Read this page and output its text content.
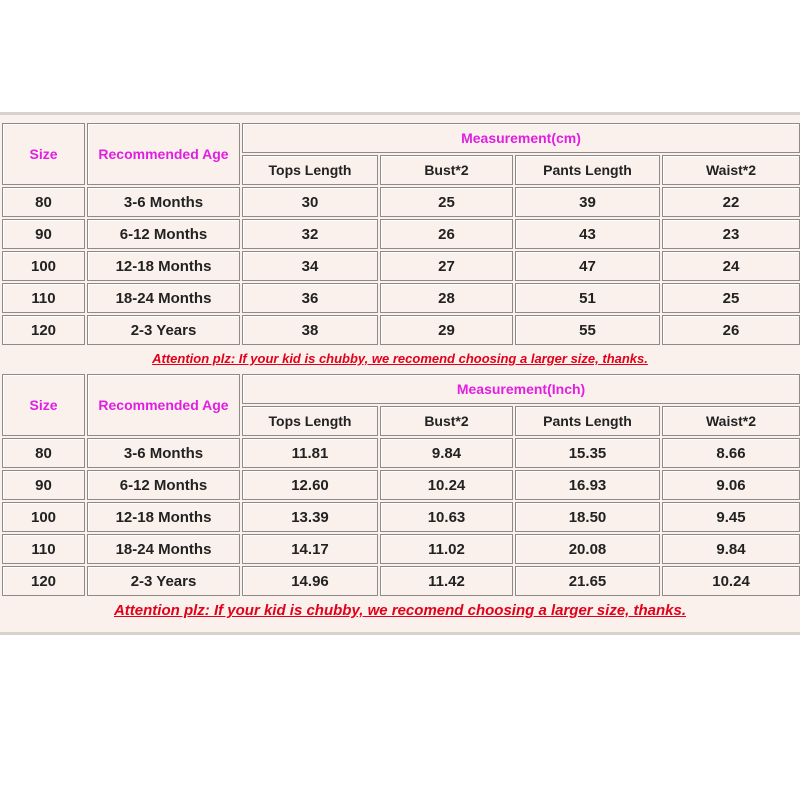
Size	Recommended Age	Measurement(cm)			
		Tops Length	Bust*2	Pants Length	Waist*2
80	3-6 Months	30	25	39	22
90	6-12 Months	32	26	43	23
100	12-18 Months	34	27	47	24
110	18-24 Months	36	28	51	25
120	2-3 Years	38	29	55	26
Attention plz: If your kid is chubby, we recomend choosing a larger size, thanks.
Size	Recommended Age	Measurement(Inch)			
		Tops Length	Bust*2	Pants Length	Waist*2
80	3-6 Months	11.81	9.84	15.35	8.66
90	6-12 Months	12.60	10.24	16.93	9.06
100	12-18 Months	13.39	10.63	18.50	9.45
110	18-24 Months	14.17	11.02	20.08	9.84
120	2-3 Years	14.96	11.42	21.65	10.24
Attention plz: If your kid is chubby, we recomend choosing a larger size, thanks.
